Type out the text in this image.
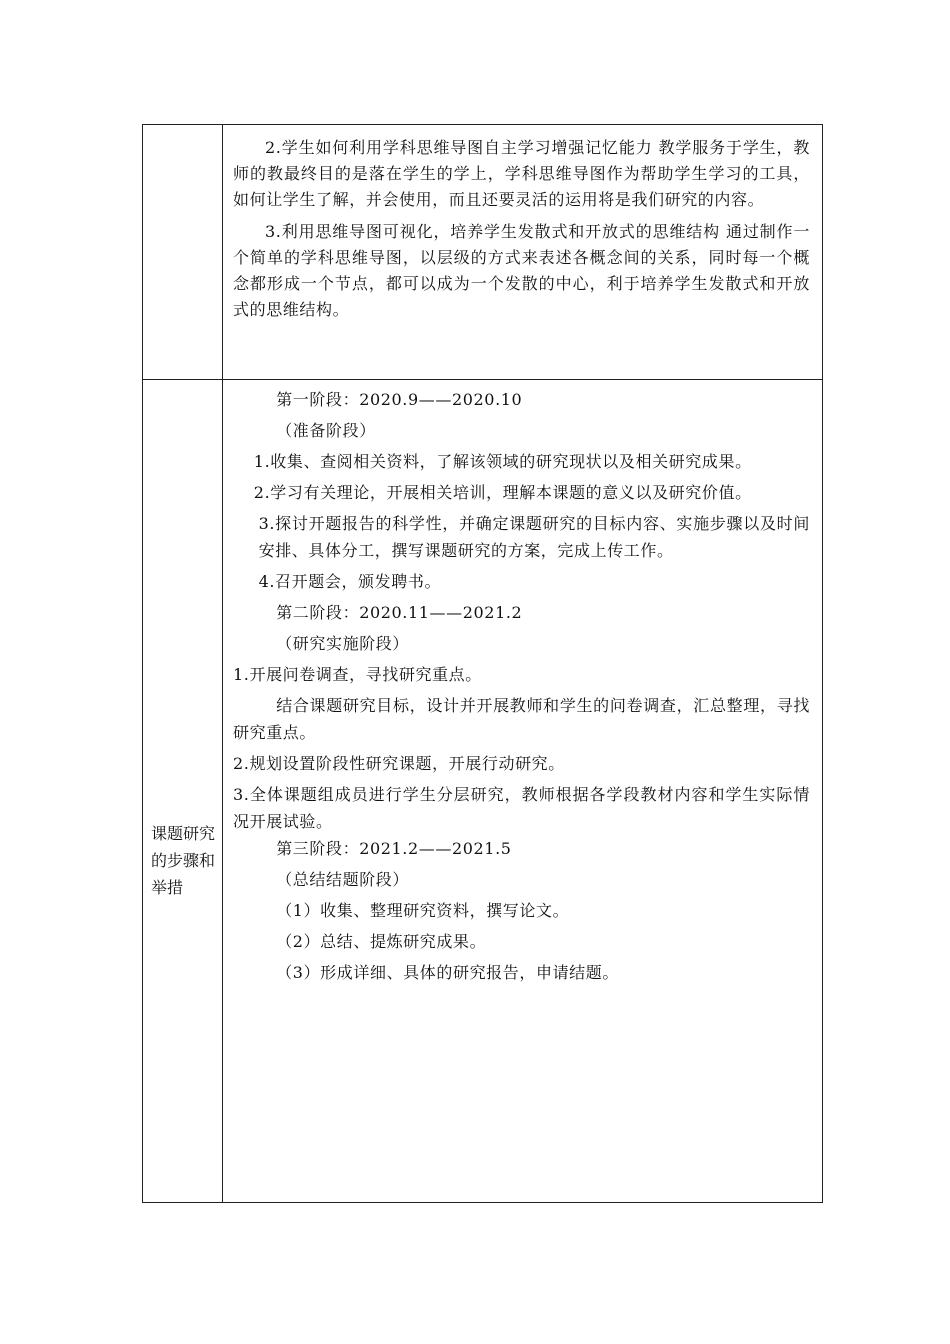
2.学生如何利用学科思维导图自主学习增强记忆能力 教学服务于学生，教师的教最终目的是落在学生的学上，学科思维导图作为帮助学生学习的工具，如何让学生了解，并会使用，而且还要灵活的运用将是我们研究的内容。

3.利用思维导图可视化，培养学生发散式和开放式的思维结构 通过制作一个简单的学科思维导图，以层级的方式来表述各概念间的关系，同时每一个概念都形成一个节点，都可以成为一个发散的中心，利于培养学生发散式和开放式的思维结构。

课题研究的步骤和举措

第一阶段：2020.9——2020.10

（准备阶段）

1.收集、查阅相关资料，了解该领域的研究现状以及相关研究成果。

2.学习有关理论，开展相关培训，理解本课题的意义以及研究价值。

3.探讨开题报告的科学性，并确定课题研究的目标内容、实施步骤以及时间安排、具体分工，撰写课题研究的方案，完成上传工作。

4.召开题会，颁发聘书。

第二阶段：2020.11——2021.2

（研究实施阶段）

1.开展问卷调查，寻找研究重点。

结合课题研究目标，设计并开展教师和学生的问卷调查，汇总整理，寻找研究重点。

2.规划设置阶段性研究课题，开展行动研究。

3.全体课题组成员进行学生分层研究，教师根据各学段教材内容和学生实际情况开展试验。

第三阶段：2021.2——2021.5

（总结结题阶段）

（1）收集、整理研究资料，撰写论文。

（2）总结、提炼研究成果。

（3）形成详细、具体的研究报告，申请结题。
